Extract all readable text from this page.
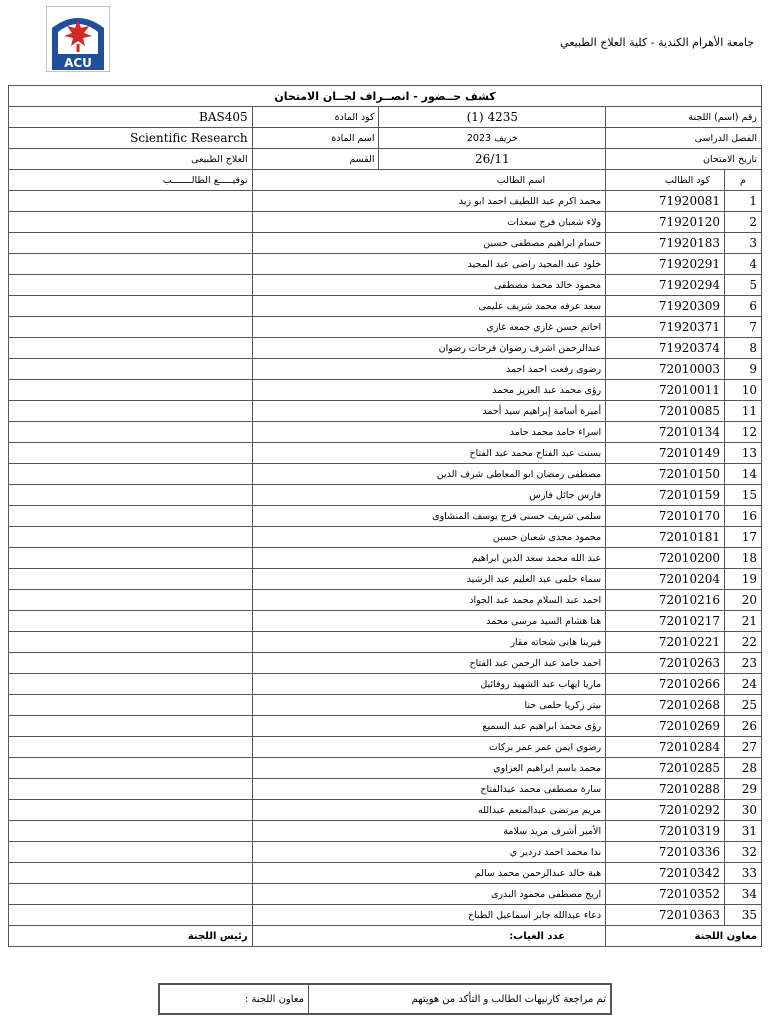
ACU
جامعة الأهرام الكندية - كلية العلاج الطبيعي
كشف حــضور - انصــراف لجــان الامتحان				
BAS405	كود المادة	(1) 4235	رقم (اسم) اللجنة	
Scientific Research	اسم المادة	خريف 2023	الفصل الدراسى	
العلاج الطبيعى	القسم	26/11	تاريخ الامتحان	
توقيـــــع الطالـــــــب	اسم الطالب		كود الطالب	م
	محمد اكرم عبد اللطيف احمد ابو زيد		71920081	1
	ولاء شعبان فرج سعدات		71920120	2
	حسام ابراهيم مصطفى حسين		71920183	3
	خلود عبد المجيد راضى عبد المجيد		71920291	4
	محمود خالد محمد مصطفى		71920294	5
	سعد عرفه محمد شريف عليمى		71920309	6
	احاتم حسن غازي جمعه غازي		71920371	7
	عبدالرحمن اشرف رضوان فرحات رضوان		71920374	8
	رضوى رفعت احمد احمد		72010003	9
	رؤى محمد عبد العزيز محمد		72010011	10
	أميرة أسامة إبراهيم سيد أحمد		72010085	11
	اسراء حامد محمد حامد		72010134	12
	بسنت عبد الفتاح محمد عبد الفتاح		72010149	13
	مصطفى رمضان ابو المعاطى شرف الدين		72010150	14
	فارس جائل فارس		72010159	15
	سلمى شريف حسنى فرج يوسف المنشاوى		72010170	16
	محمود مجدى شعبان حسين		72010181	17
	عبد الله محمد سعد الدين ابراهيم		72010200	18
	سماء حلمى عبد العليم عبد الرشيد		72010204	19
	احمد عبد السلام محمد عبد الجواد		72010216	20
	هنا هشام السيد مرسى محمد		72010217	21
	فيرينا هانى شحاته مقار		72010221	22
	احمد حامد عبد الرحمن عبد الفتاح		72010263	23
	ماريا ايهاب عبد الشهيد روفائيل		72010266	24
	بيتر زكريا حلمى حنا		72010268	25
	رؤى محمد ابراهيم عبد السميع		72010269	26
	رضوي ايمن عمر عمر بركات		72010284	27
	محمد باسم ابراهيم العزاوي		72010285	28
	سارة مصطفى محمد عبدالفتاح		72010288	29
	مريم مرتضى عبدالمنعم عبدالله		72010292	30
	الأمير أشرف مريد سلامة		72010319	31
	ندا محمد احمد دردير ي		72010336	32
	هبة خالد عبدالرحمن محمد سالم		72010342	33
	اريج مصطفى محمود البدرى		72010352	34
	دعاء عبدالله جابر اسماعيل الطباخ		72010363	35
رئيس اللجنة	عدد الغياب:		معاون اللجنة	
معاون اللجنة :	تم مراجعة كارنيهات الطالب و التأكد من هويتهم
